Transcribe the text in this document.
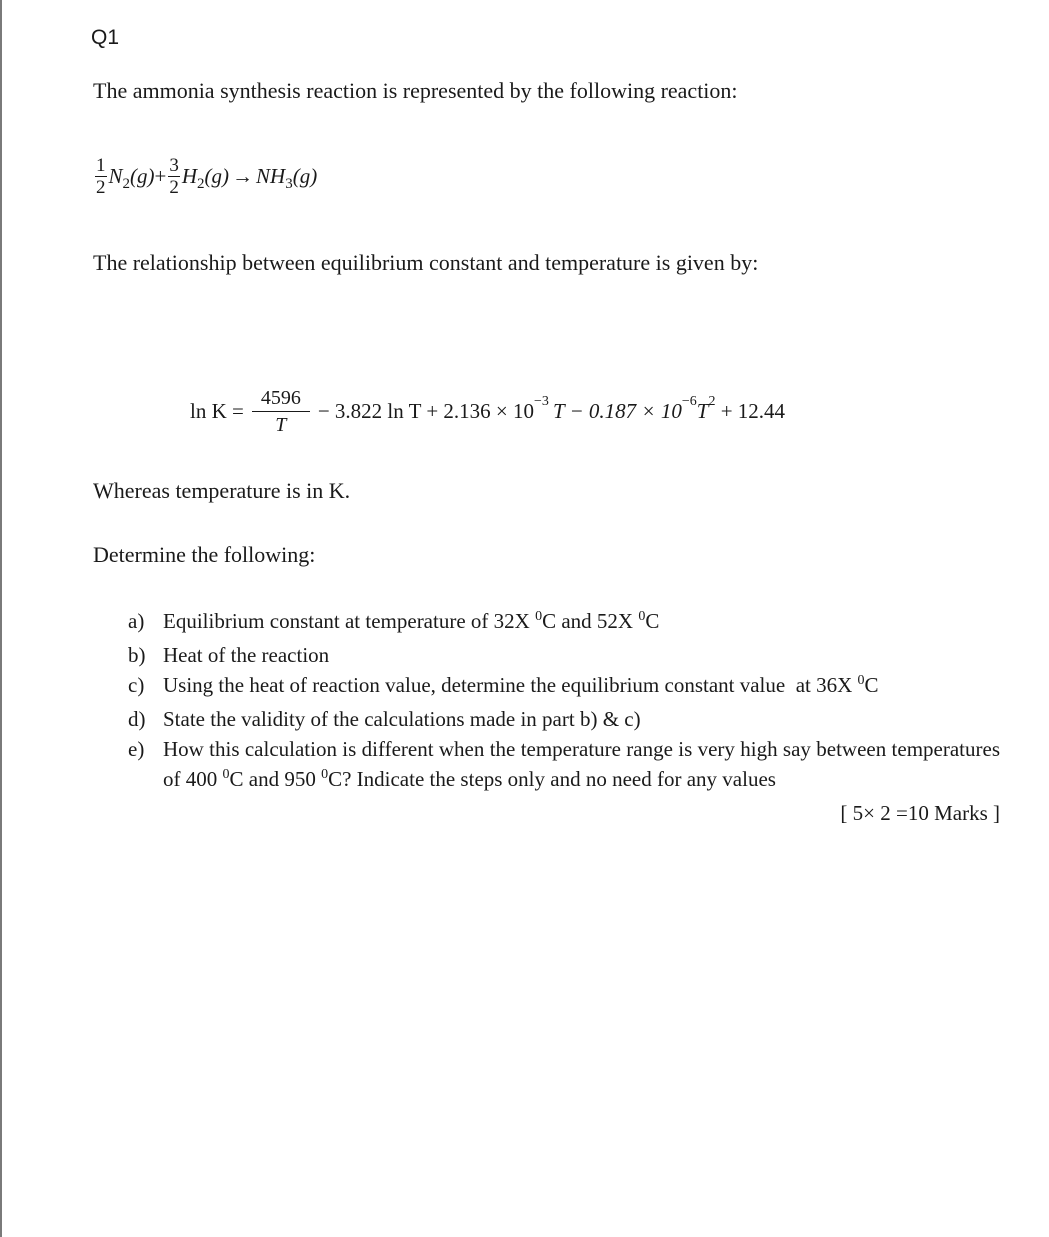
Q1
The ammonia synthesis reaction is represented by the following reaction:
$\frac{1}{2} N_2$ $(g) + \frac{3}{2} H_2$ $(g) \to NH_3$ (g)
The relationship between equilibrium constant and temperature is given by:
$\ln K = \frac{4596}{T} - 3.822$ ln T + 2.136 × 10 −3 T − 0.187 × 10 −6 T 2 + 12.44
Whereas temperature is in K.
Determine the following:
a) Equilibrium constant at temperature of 32X $^0$C and 52X $^0$C
b) Heat of the reaction
c) Using the heat of reaction value, determine the equilibrium constant value  at 36X $^0$C
d) State the validity of the calculations made in part b) & c)
e) How this calculation is different when the temperature range is very high say between temperatures of 400 $^0$C and 950 $^0$C? Indicate the steps only and no need for any values
[ 5× 2 =10 Marks ]
